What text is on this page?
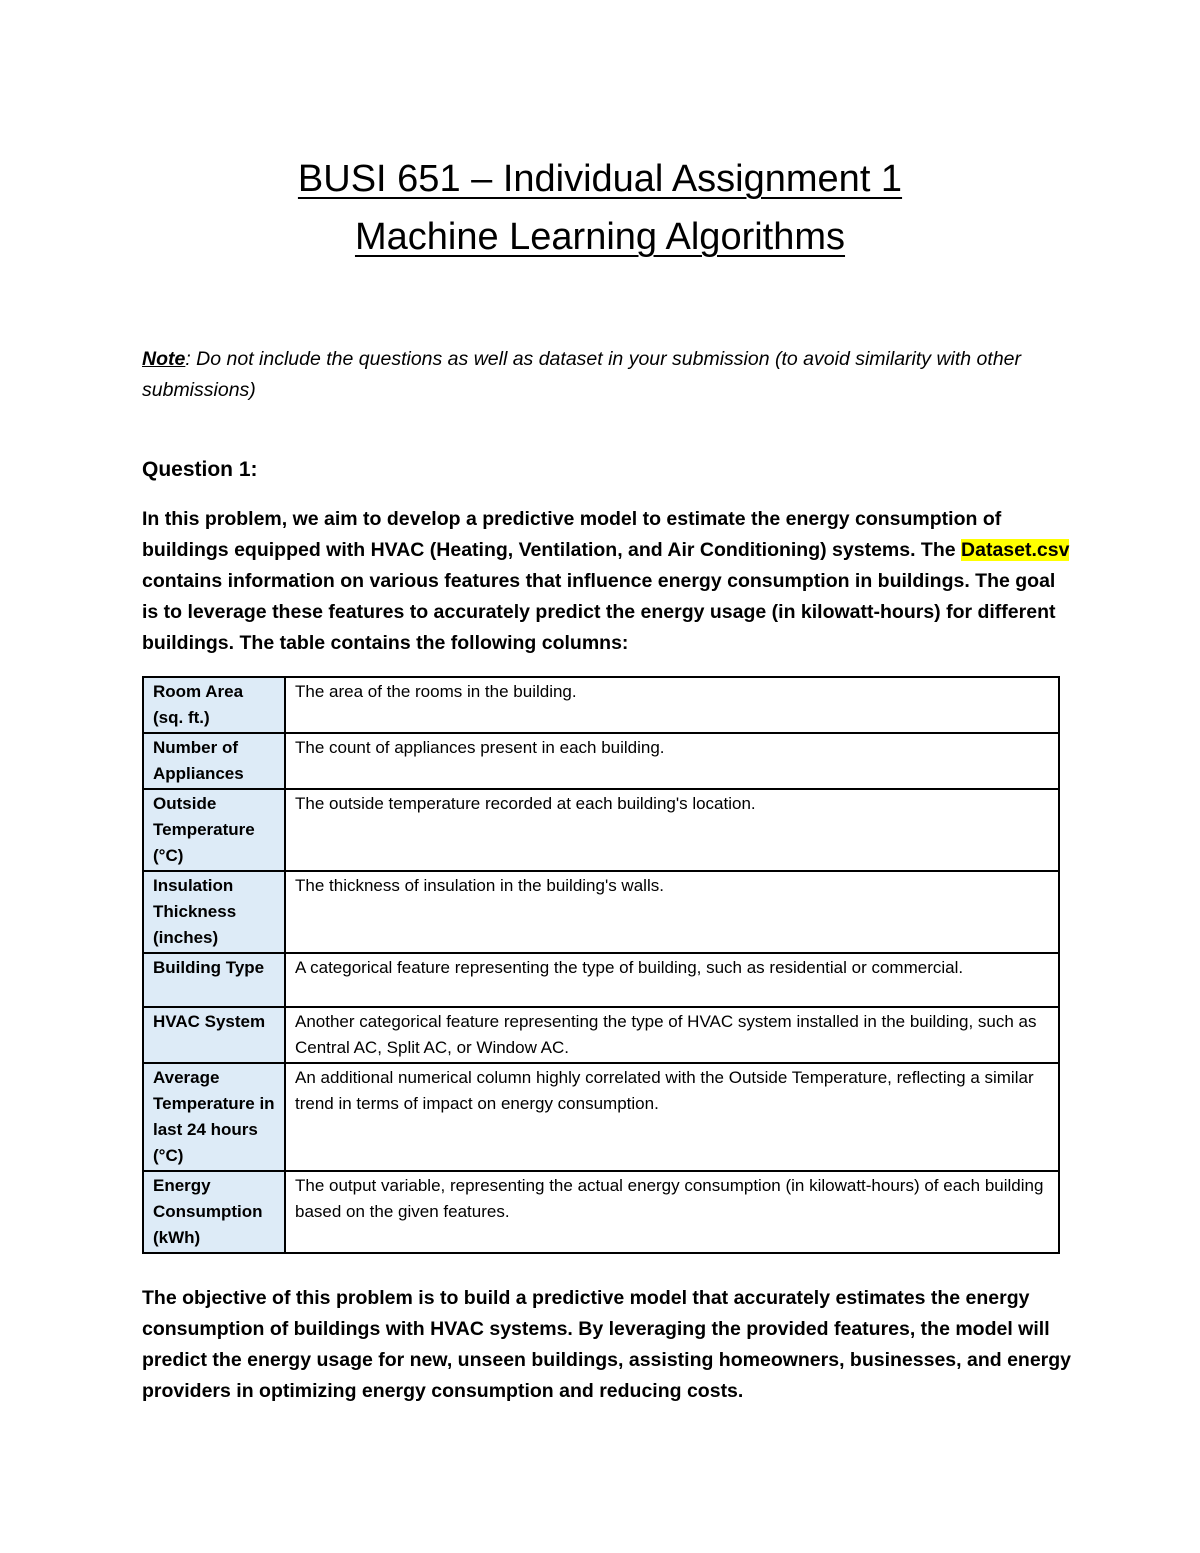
BUSI 651 – Individual Assignment 1
Machine Learning Algorithms
Note: Do not include the questions as well as dataset in your submission (to avoid similarity with other submissions)
Question 1:
In this problem, we aim to develop a predictive model to estimate the energy consumption of buildings equipped with HVAC (Heating, Ventilation, and Air Conditioning) systems. The Dataset.csv contains information on various features that influence energy consumption in buildings. The goal is to leverage these features to accurately predict the energy usage (in kilowatt-hours) for different buildings. The table contains the following columns:
Room Area (sq. ft.)	The area of the rooms in the building.
Number of Appliances	The count of appliances present in each building.
Outside Temperature (°C)	The outside temperature recorded at each building's location.
Insulation Thickness (inches)	The thickness of insulation in the building's walls.
Building Type	A categorical feature representing the type of building, such as residential or commercial.
HVAC System	Another categorical feature representing the type of HVAC system installed in the building, such as Central AC, Split AC, or Window AC.
Average Temperature in last 24 hours (°C)	An additional numerical column highly correlated with the Outside Temperature, reflecting a similar trend in terms of impact on energy consumption.
Energy Consumption (kWh)	The output variable, representing the actual energy consumption (in kilowatt-hours) of each building based on the given features.
The objective of this problem is to build a predictive model that accurately estimates the energy consumption of buildings with HVAC systems. By leveraging the provided features, the model will predict the energy usage for new, unseen buildings, assisting homeowners, businesses, and energy providers in optimizing energy consumption and reducing costs.
